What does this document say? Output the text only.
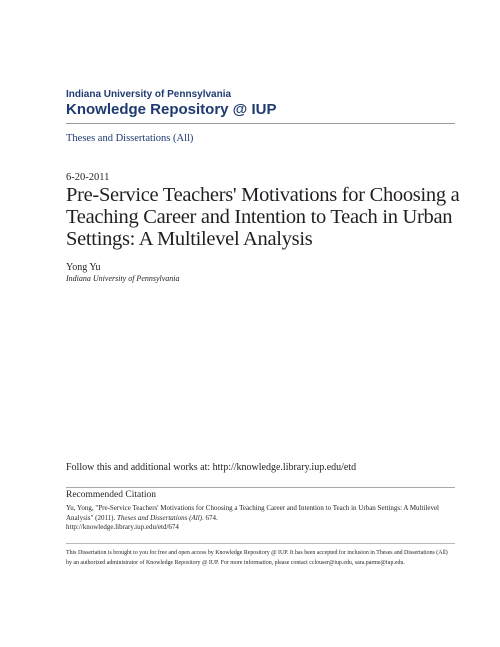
Indiana University of Pennsylvania
Knowledge Repository @ IUP
Theses and Dissertations (All)
6-20-2011
Pre-Service Teachers' Motivations for Choosing a Teaching Career and Intention to Teach in Urban Settings: A Multilevel Analysis
Yong Yu
Indiana University of Pennsylvania
Follow this and additional works at: http://knowledge.library.iup.edu/etd
Recommended Citation
Yu, Yong, "Pre-Service Teachers' Motivations for Choosing a Teaching Career and Intention to Teach in Urban Settings: A Multilevel Analysis" (2011). Theses and Dissertations (All). 674.
http://knowledge.library.iup.edu/etd/674
This Dissertation is brought to you for free and open access by Knowledge Repository @ IUP. It has been accepted for inclusion in Theses and Dissertations (All) by an authorized administrator of Knowledge Repository @ IUP. For more information, please contact cclouser@iup.edu, sara.parme@iup.edu.
